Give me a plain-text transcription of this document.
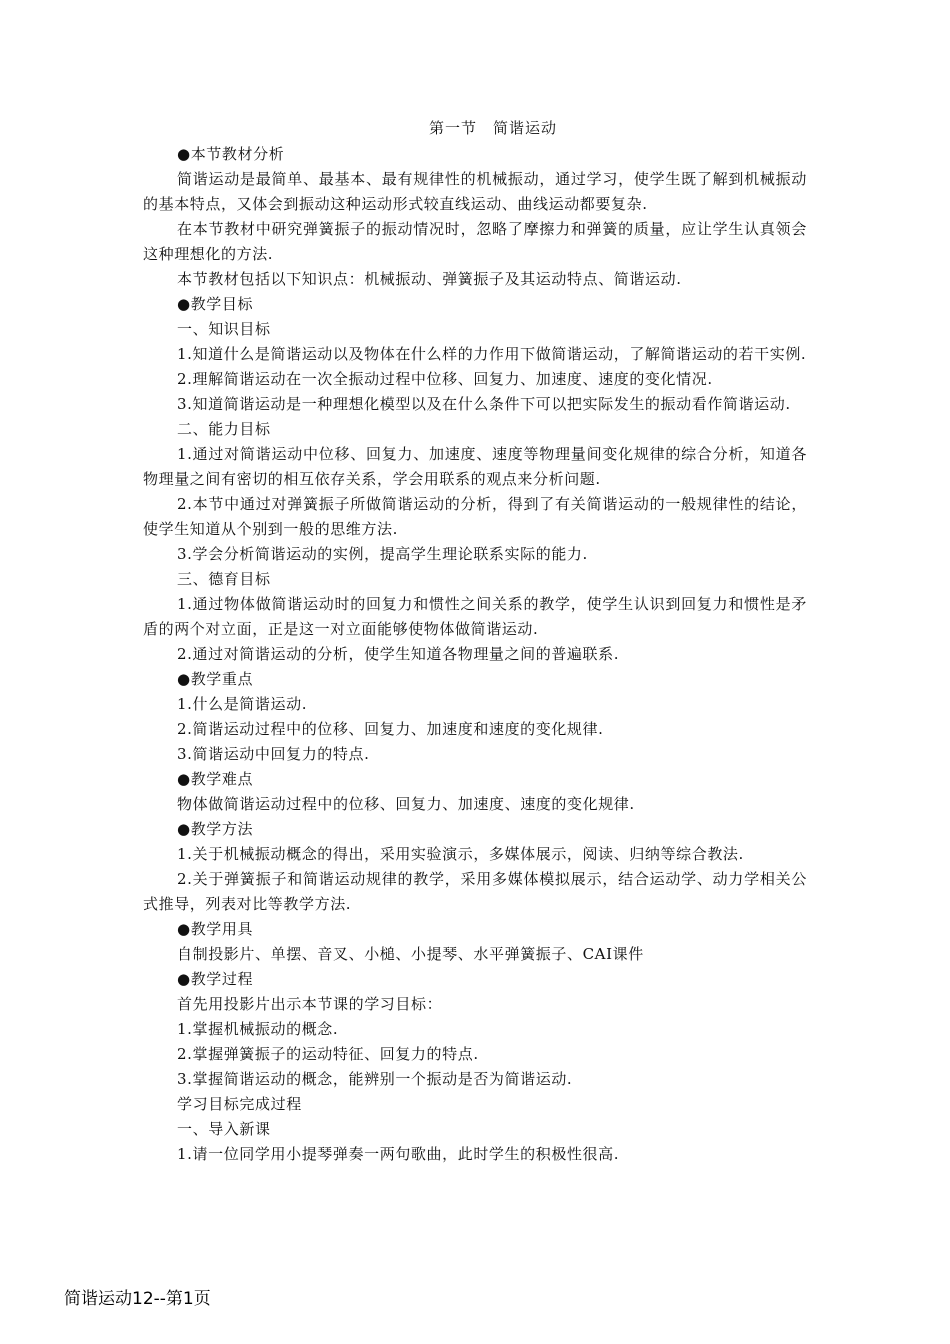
第一节　简谐运动

●本节教材分析

简谐运动是最简单、最基本、最有规律性的机械振动，通过学习，使学生既了解到机械振动的基本特点，又体会到振动这种运动形式较直线运动、曲线运动都要复杂.

在本节教材中研究弹簧振子的振动情况时，忽略了摩擦力和弹簧的质量，应让学生认真领会这种理想化的方法.

本节教材包括以下知识点：机械振动、弹簧振子及其运动特点、简谐运动.

●教学目标

一、知识目标

1.知道什么是简谐运动以及物体在什么样的力作用下做简谐运动，了解简谐运动的若干实例.

2.理解简谐运动在一次全振动过程中位移、回复力、加速度、速度的变化情况.

3.知道简谐运动是一种理想化模型以及在什么条件下可以把实际发生的振动看作简谐运动.

二、能力目标

1.通过对简谐运动中位移、回复力、加速度、速度等物理量间变化规律的综合分析，知道各物理量之间有密切的相互依存关系，学会用联系的观点来分析问题.

2.本节中通过对弹簧振子所做简谐运动的分析，得到了有关简谐运动的一般规律性的结论，使学生知道从个别到一般的思维方法.

3.学会分析简谐运动的实例，提高学生理论联系实际的能力.

三、德育目标

1.通过物体做简谐运动时的回复力和惯性之间关系的教学，使学生认识到回复力和惯性是矛盾的两个对立面，正是这一对立面能够使物体做简谐运动.

2.通过对简谐运动的分析，使学生知道各物理量之间的普遍联系.

●教学重点

1.什么是简谐运动.

2.简谐运动过程中的位移、回复力、加速度和速度的变化规律.

3.简谐运动中回复力的特点.

●教学难点

物体做简谐运动过程中的位移、回复力、加速度、速度的变化规律.

●教学方法

1.关于机械振动概念的得出，采用实验演示，多媒体展示，阅读、归纳等综合教法.

2.关于弹簧振子和简谐运动规律的教学，采用多媒体模拟展示，结合运动学、动力学相关公式推导，列表对比等教学方法.

●教学用具

自制投影片、单摆、音叉、小槌、小提琴、水平弹簧振子、CAI课件

●教学过程

首先用投影片出示本节课的学习目标：

1.掌握机械振动的概念.

2.掌握弹簧振子的运动特征、回复力的特点.

3.掌握简谐运动的概念，能辨别一个振动是否为简谐运动.

学习目标完成过程

一、导入新课

1.请一位同学用小提琴弹奏一两句歌曲，此时学生的积极性很高.

简谐运动12--第1页
